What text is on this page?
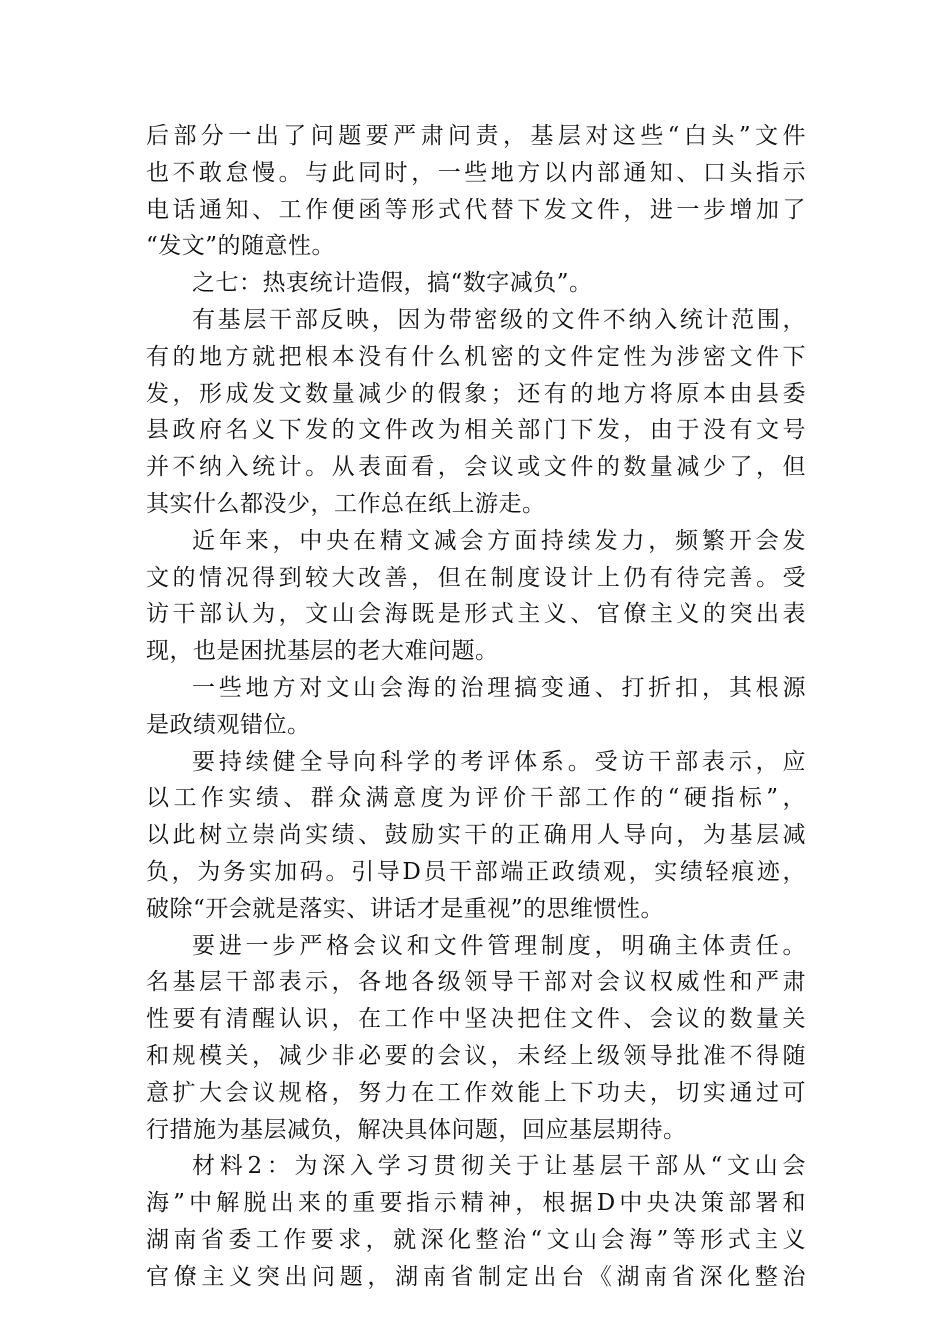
后部分一出了问题要严肃问责，基层对这些“白头”文件
也不敢怠慢。与此同时，一些地方以内部通知、口头指示
电话通知、工作便函等形式代替下发文件，进一步增加了
“发文”的随意性。
之七：热衷统计造假，搞“数字减负”。
有基层干部反映，因为带密级的文件不纳入统计范围，
有的地方就把根本没有什么机密的文件定性为涉密文件下
发，形成发文数量减少的假象；还有的地方将原本由县委
县政府名义下发的文件改为相关部门下发，由于没有文号
并不纳入统计。从表面看，会议或文件的数量减少了，但
其实什么都没少，工作总在纸上游走。
近年来，中央在精文减会方面持续发力，频繁开会发
文的情况得到较大改善，但在制度设计上仍有待完善。受
访干部认为，文山会海既是形式主义、官僚主义的突出表
现，也是困扰基层的老大难问题。
一些地方对文山会海的治理搞变通、打折扣，其根源
是政绩观错位。
要持续健全导向科学的考评体系。受访干部表示，应
以工作实绩、群众满意度为评价干部工作的“硬指标”，
以此树立崇尚实绩、鼓励实干的正确用人导向，为基层减
负，为务实加码。引导D员干部端正政绩观，实绩轻痕迹，
破除“开会就是落实、讲话才是重视”的思维惯性。
要进一步严格会议和文件管理制度，明确主体责任。
名基层干部表示，各地各级领导干部对会议权威性和严肃
性要有清醒认识，在工作中坚决把住文件、会议的数量关
和规模关，减少非必要的会议，未经上级领导批准不得随
意扩大会议规格，努力在工作效能上下功夫，切实通过可
行措施为基层减负，解决具体问题，回应基层期待。
材料2：为深入学习贯彻关于让基层干部从“文山会
海”中解脱出来的重要指示精神，根据D中央决策部署和
湖南省委工作要求，就深化整治“文山会海”等形式主义
官僚主义突出问题，湖南省制定出台《湖南省深化整治
